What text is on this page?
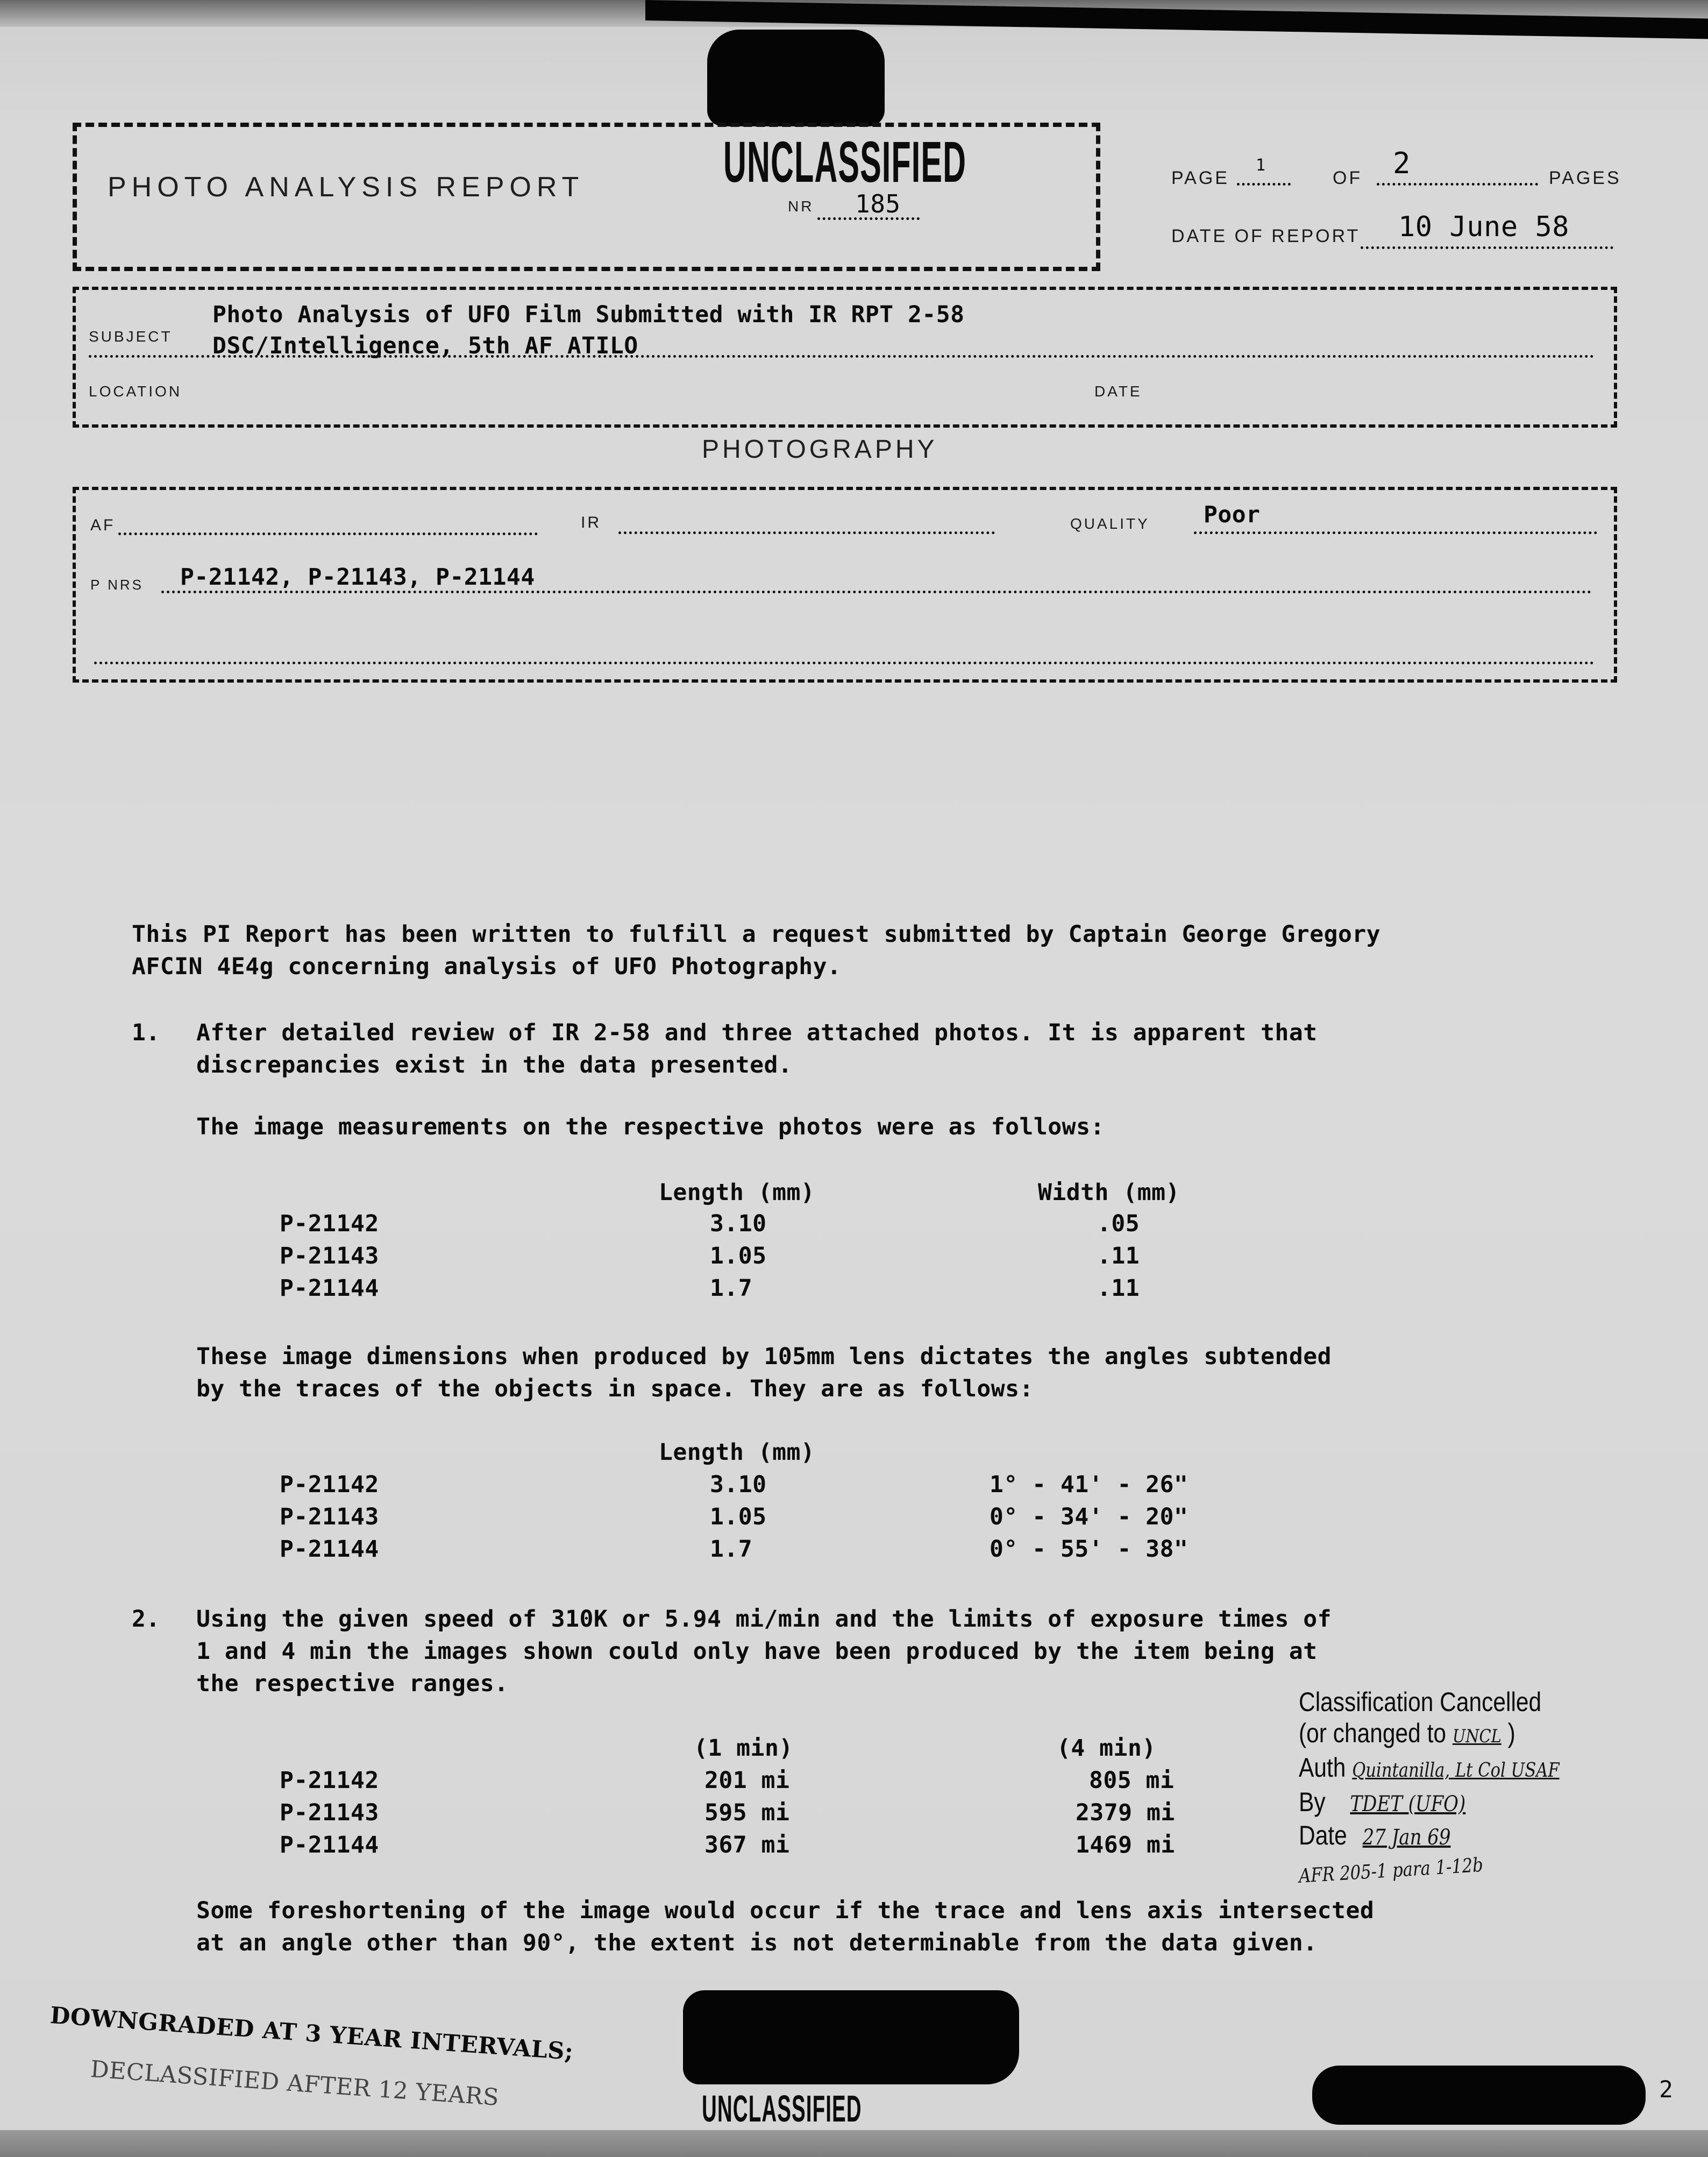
PHOTO ANALYSIS REPORT UNCLASSIFIED
NR 185
PAGE
1
OF 2	PAGES
DATE OF REPORT 10 June 58
SUBJECT
Photo Analysis of UFO Film Submitted with IR RPT 2-58
DSC/Intelligence, 5th AF ATILO
LOCATION	DATE
PHOTOGRAPHY
AF	IR	QUALITY Poor
P NRS P-21142, P-21143, P-21144
This PI Report has been written to fulfill a request submitted by Captain George Gregory
AFCIN 4E4g concerning analysis of UFO Photography.
1. After detailed review of IR 2-58 and three attached photos. It is apparent that
discrepancies exist in the data presented.
The image measurements on the respective photos were as follows:
Length (mm)	Width (mm)
P-21142	3.10	.05
P-21143	1.05	.11
P-21144	1.7	.11
These image dimensions when produced by 105mm lens dictates the angles subtended
by the traces of the objects in space. They are as follows:
Length (mm)
P-21142	3.10	1° - 41' - 26"
P-21143	1.05	0° - 34' - 20"
P-21144	1.7	0° - 55' - 38"
2. Using the given speed of 310K or 5.94 mi/min and the limits of exposure times of
1 and 4 min the images shown could only have been produced by the item being at
the respective ranges.
(1 min)	(4 min)
P-21142	201 mi	805 mi
P-21143	595 mi	2379 mi
P-21144	367 mi	1469 mi
Some foreshortening of the image would occur if the trace and lens axis intersected
at an angle other than 90°, the extent is not determinable from the data given.
Classification Cancelled
(or changed to UNCL )
Auth Quintanilla, Lt Col USAF
By TDET (UFO)
Date 27 Jan 69
AFR 205-1 para 1-12b
DOWNGRADED AT 3 YEAR INTERVALS;
DECLASSIFIED AFTER 12 YEARS	UNCLASSIFIED	2
